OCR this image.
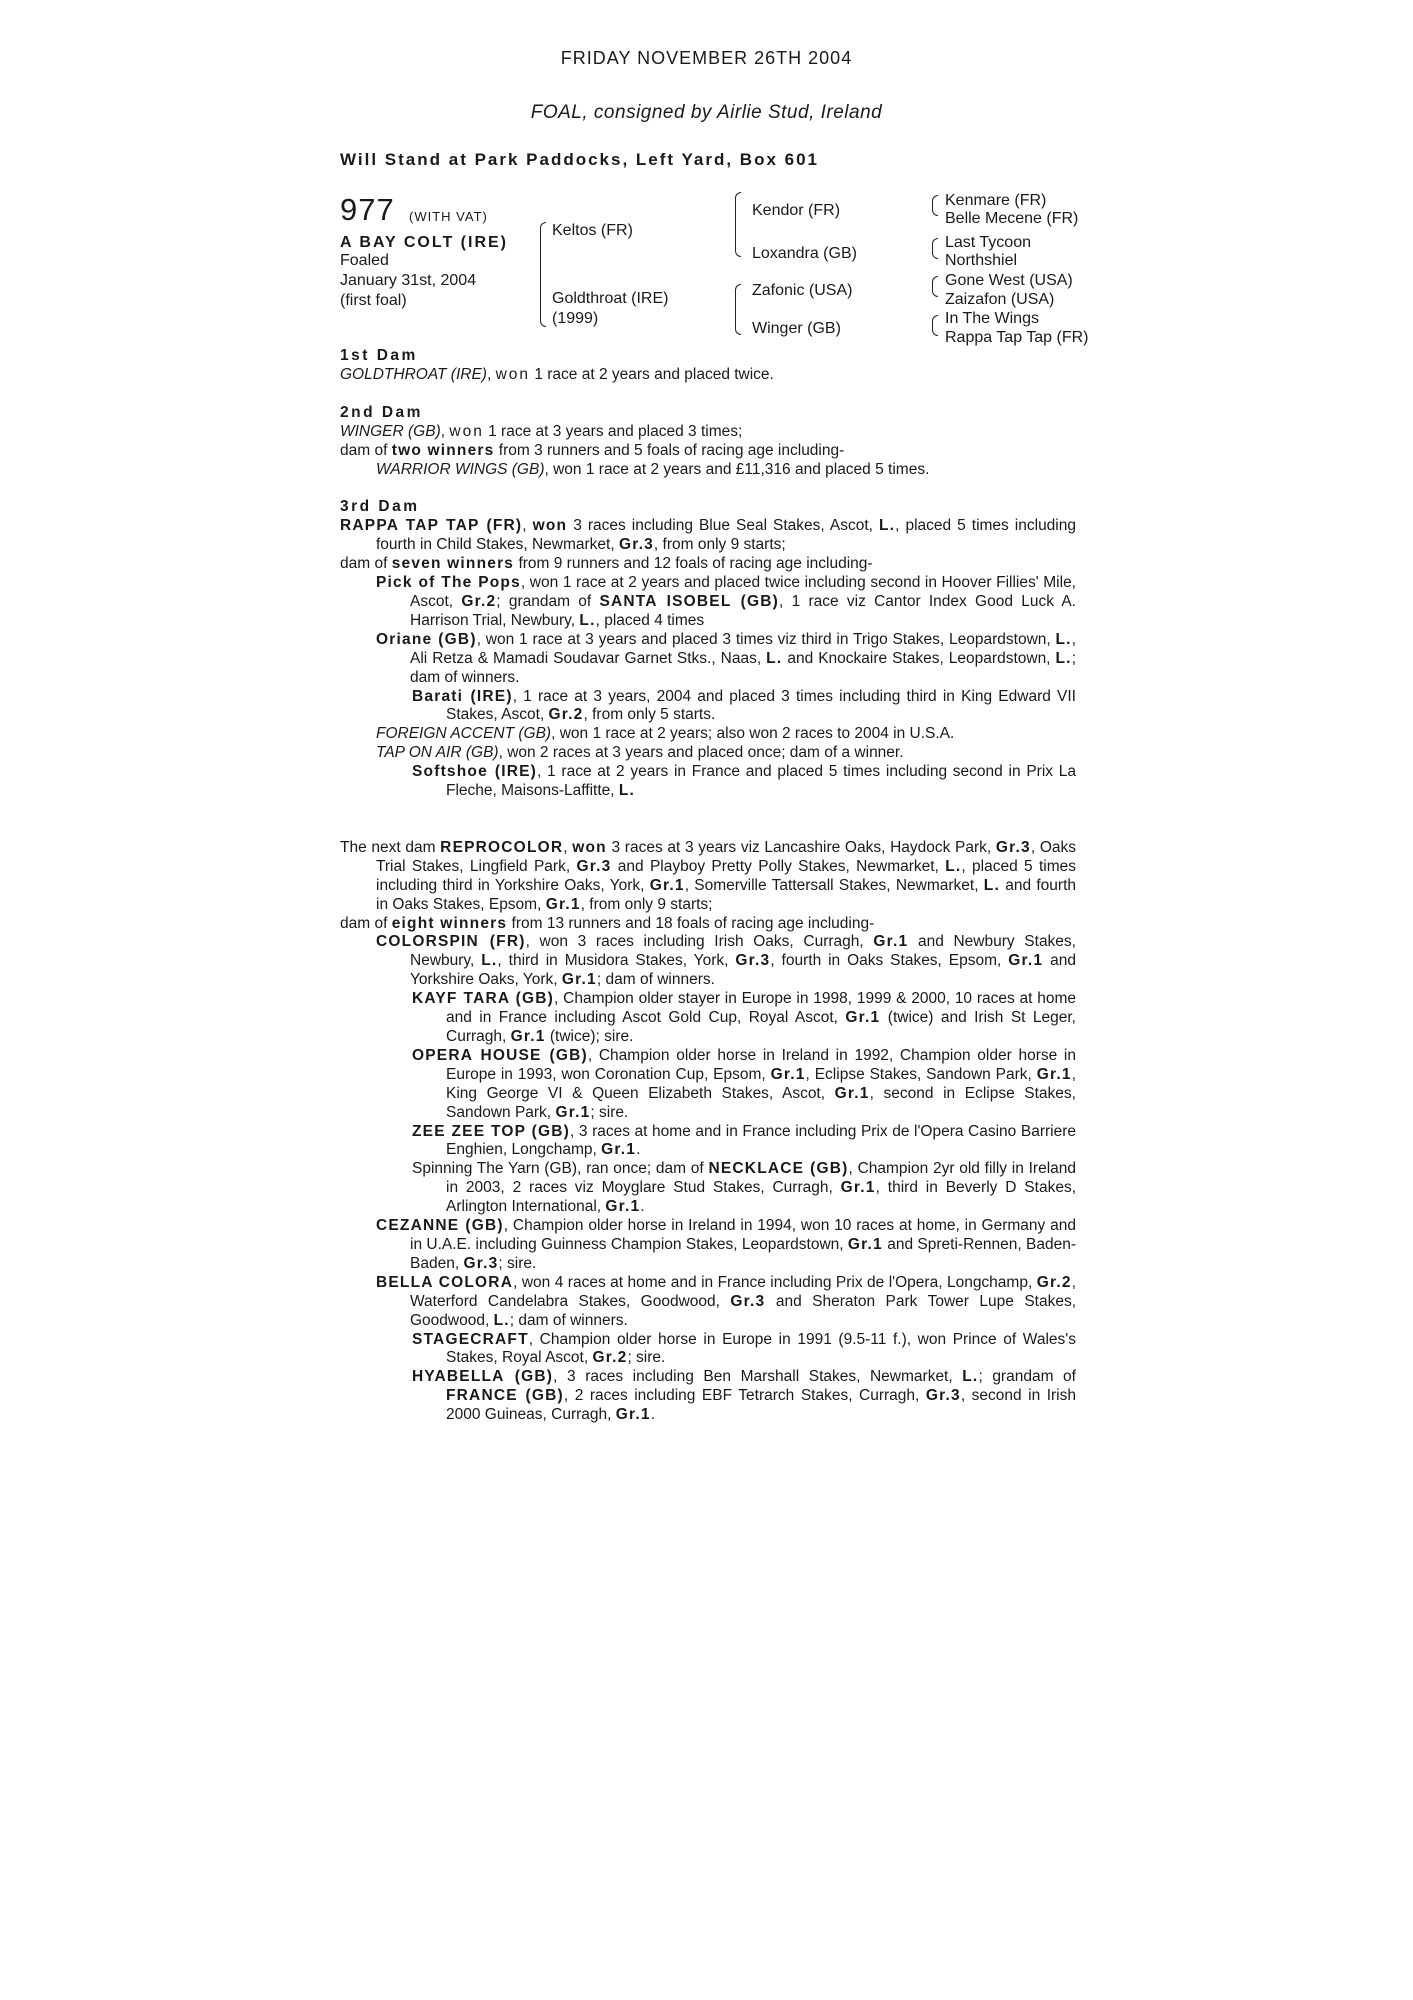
FRIDAY NOVEMBER 26TH 2004
FOAL, consigned by Airlie Stud, Ireland
Will Stand at Park Paddocks, Left Yard, Box 601
977 (WITH VAT)
A BAY COLT (IRE)
Foaled
January 31st, 2004
(first foal)
Keltos (FR)
Goldthroat (IRE)
(1999)
Kendor (FR)
Loxandra (GB)
Zafonic (USA)
Winger (GB)
Kenmare (FR)
Belle Mecene (FR)
Last Tycoon
Northshiel
Gone West (USA)
Zaizafon (USA)
In The Wings
Rappa Tap Tap (FR)
1st Dam

GOLDTHROAT (IRE), won 1 race at 2 years and placed twice.

2nd Dam

WINGER (GB), won 1 race at 3 years and placed 3 times;

dam of two winners from 3 runners and 5 foals of racing age including-

WARRIOR WINGS (GB), won 1 race at 2 years and £11,316 and placed 5 times.

3rd Dam

RAPPA TAP TAP (FR), won 3 races including Blue Seal Stakes, Ascot, L., placed 5 times including fourth in Child Stakes, Newmarket, Gr.3, from only 9 starts;

dam of seven winners from 9 runners and 12 foals of racing age including-

Pick of The Pops, won 1 race at 2 years and placed twice including second in Hoover Fillies' Mile, Ascot, Gr.2; grandam of SANTA ISOBEL (GB), 1 race viz Cantor Index Good Luck A. Harrison Trial, Newbury, L., placed 4 times

Oriane (GB), won 1 race at 3 years and placed 3 times viz third in Trigo Stakes, Leopardstown, L., Ali Retza & Mamadi Soudavar Garnet Stks., Naas, L. and Knockaire Stakes, Leopardstown, L.; dam of winners.

Barati (IRE), 1 race at 3 years, 2004 and placed 3 times including third in King Edward VII Stakes, Ascot, Gr.2, from only 5 starts.

FOREIGN ACCENT (GB), won 1 race at 2 years; also won 2 races to 2004 in U.S.A.

TAP ON AIR (GB), won 2 races at 3 years and placed once; dam of a winner.

Softshoe (IRE), 1 race at 2 years in France and placed 5 times including second in Prix La Fleche, Maisons-Laffitte, L.

The next dam REPROCOLOR, won 3 races at 3 years viz Lancashire Oaks, Haydock Park, Gr.3, Oaks Trial Stakes, Lingfield Park, Gr.3 and Playboy Pretty Polly Stakes, Newmarket, L., placed 5 times including third in Yorkshire Oaks, York, Gr.1, Somerville Tattersall Stakes, Newmarket, L. and fourth in Oaks Stakes, Epsom, Gr.1, from only 9 starts;

dam of eight winners from 13 runners and 18 foals of racing age including-

COLORSPIN (FR), won 3 races including Irish Oaks, Curragh, Gr.1 and Newbury Stakes, Newbury, L., third in Musidora Stakes, York, Gr.3, fourth in Oaks Stakes, Epsom, Gr.1 and Yorkshire Oaks, York, Gr.1; dam of winners.

KAYF TARA (GB), Champion older stayer in Europe in 1998, 1999 & 2000, 10 races at home and in France including Ascot Gold Cup, Royal Ascot, Gr.1 (twice) and Irish St Leger, Curragh, Gr.1 (twice); sire.

OPERA HOUSE (GB), Champion older horse in Ireland in 1992, Champion older horse in Europe in 1993, won Coronation Cup, Epsom, Gr.1, Eclipse Stakes, Sandown Park, Gr.1, King George VI & Queen Elizabeth Stakes, Ascot, Gr.1, second in Eclipse Stakes, Sandown Park, Gr.1; sire.

ZEE ZEE TOP (GB), 3 races at home and in France including Prix de l'Opera Casino Barriere Enghien, Longchamp, Gr.1.

Spinning The Yarn (GB), ran once; dam of NECKLACE (GB), Champion 2yr old filly in Ireland in 2003, 2 races viz Moyglare Stud Stakes, Curragh, Gr.1, third in Beverly D Stakes, Arlington International, Gr.1.

CEZANNE (GB), Champion older horse in Ireland in 1994, won 10 races at home, in Germany and in U.A.E. including Guinness Champion Stakes, Leopardstown, Gr.1 and Spreti-Rennen, Baden-Baden, Gr.3; sire.

BELLA COLORA, won 4 races at home and in France including Prix de l'Opera, Longchamp, Gr.2, Waterford Candelabra Stakes, Goodwood, Gr.3 and Sheraton Park Tower Lupe Stakes, Goodwood, L.; dam of winners.

STAGECRAFT, Champion older horse in Europe in 1991 (9.5-11 f.), won Prince of Wales's Stakes, Royal Ascot, Gr.2; sire.

HYABELLA (GB), 3 races including Ben Marshall Stakes, Newmarket, L.; grandam of FRANCE (GB), 2 races including EBF Tetrarch Stakes, Curragh, Gr.3, second in Irish 2000 Guineas, Curragh, Gr.1.
